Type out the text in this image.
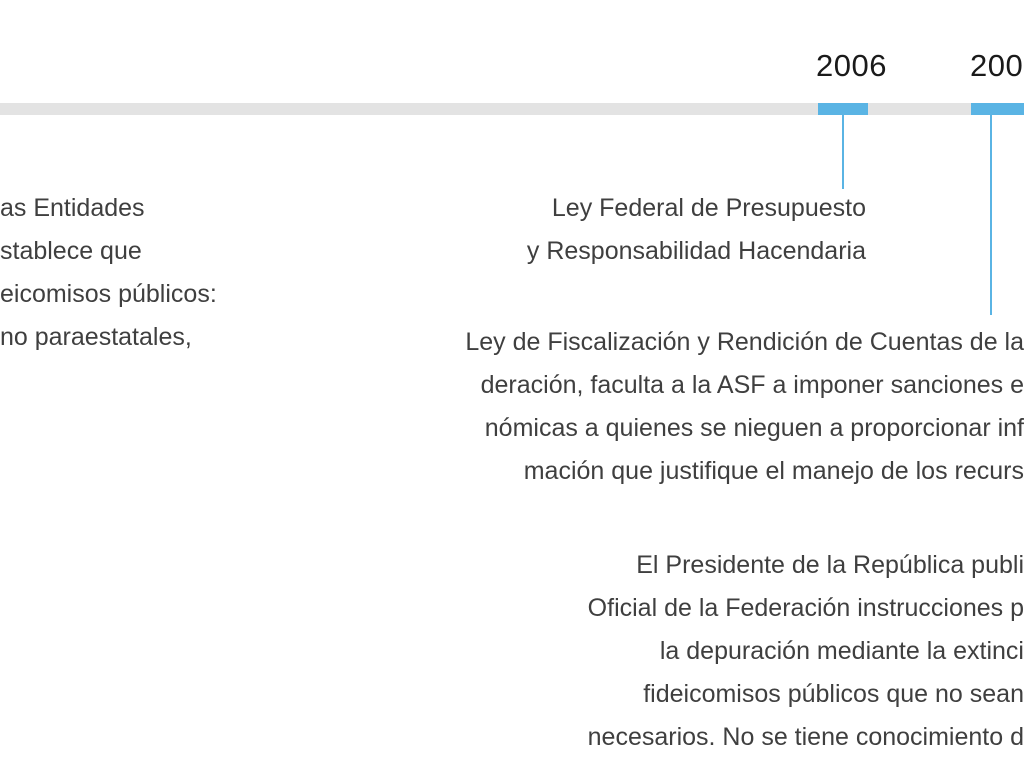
2006	200
as Entidades
stablece que
eicomisos públicos:
no paraestatales,
Ley Federal de Presupuesto
y Responsabilidad Hacendaria
Ley de Fiscalización y Rendición de Cuentas de la
deración, faculta a la ASF a imponer sanciones e
nómicas a quienes se nieguen a proporcionar inf
mación que justifique el manejo de los recurs
El Presidente de la República publi
Oficial de la Federación instrucciones p
la depuración mediante la extinci
fideicomisos públicos que no sean
necesarios. No se tiene conocimiento d
